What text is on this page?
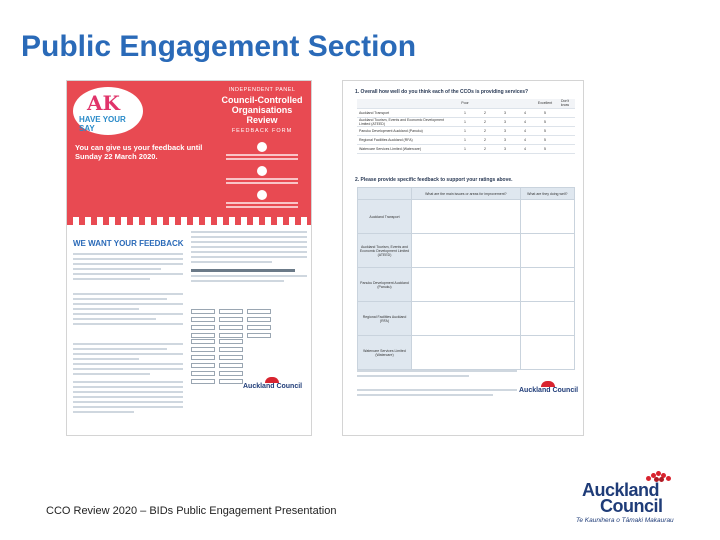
Public Engagement Section
AK
HAVE YOUR SAY
You can give us your feedback until Sunday 22 March 2020.
INDEPENDENT PANEL
Council-Controlled Organisations Review
FEEDBACK FORM
WE WANT YOUR FEEDBACK
Auckland Council
1. Overall how well do you think each of the CCOs is providing services?
	Poor				Excellent	Don't know
Auckland Transport	1	2	3	4	5	
Auckland Tourism, Events and Economic Development Limited (ATEED)	1	2	3	4	5	
Panuku Development Auckland (Panuku)	1	2	3	4	5	
Regional Facilities Auckland (RFA)	1	2	3	4	5	
Watercare Services Limited (Watercare)	1	2	3	4	5	
2. Please provide specific feedback to support your ratings above.
	What are the main issues or areas for improvement?	What are they doing well?
Auckland Transport		
Auckland Tourism, Events and Economic Development Limited (ATEED)		
Panuku Development Auckland (Panuku)		
Regional Facilities Auckland (RFA)		
Watercare Services Limited (Watercare)		
Auckland Council
CCO Review 2020 – BIDs Public Engagement Presentation
Auckland
Council
Te Kaunihera o Tāmaki Makaurau
